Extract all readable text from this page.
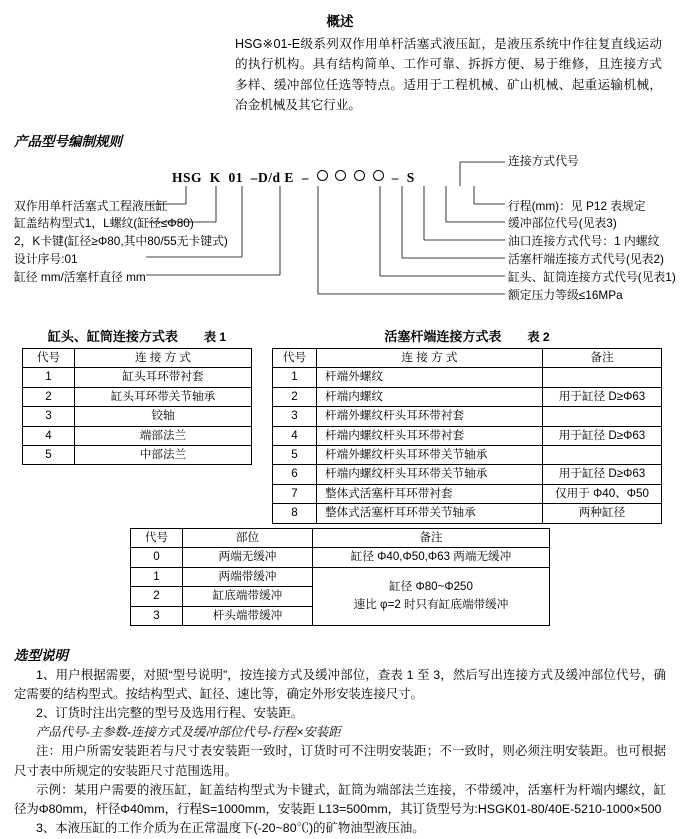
概述

HSG※01-E级系列双作用单杆活塞式液压缸，是液压系统中作往复直线运动的执行机构。具有结构简单、工作可靠、拆拆方便、易于维修，且连接方式多样、缓冲部位任选等特点。适用于工程机械、矿山机械、起重运输机械，冶金机械及其它行业。

产品型号编制规则
HSG K 01 –D/d E –	– S
连接方式代号
双作用单杆活塞式工程液压缸
缸盖结构型式1，L螺纹(缸径≤Φ80)
2，K卡键(缸径≥Φ80,其中80/55无卡键式)
设计序号:01
缸径 mm/活塞杆直径 mm
行程(mm)：见 P12 表规定
缓冲部位代号(见表3)
油口连接方式代号：1 内螺纹
活塞杆端连接方式代号(见表2)
缸头、缸筒连接方式代号(见表1)
额定压力等级≤16MPa
缸头、缸筒连接方式表 表 1	活塞杆端连接方式表 表 2
代号	连 接 方 式
1	缸头耳环带衬套
2	缸头耳环带关节轴承
3	铰轴
4	端部法兰
5	中部法兰
代号	连 接 方 式	备注
1	杆端外螺纹	
2	杆端内螺纹	用于缸径 D≥Φ63
3	杆端外螺纹杆头耳环带衬套	
4	杆端内螺纹杆头耳环带衬套	用于缸径 D≥Φ63
5	杆端外螺纹杆头耳环带关节轴承	
6	杆端内螺纹杆头耳环带关节轴承	用于缸径 D≥Φ63
7	整体式活塞杆耳环带衬套	仅用于 Φ40、Φ50
8	整体式活塞杆耳环带关节轴承	两种缸径
代号	部位	备注
0	两端无缓冲	缸径 Φ40,Φ50,Φ63 两端无缓冲
1	两端带缓冲	缸径 Φ80~Φ250
速比 φ=2 时只有缸底端带缓冲

2	缸底端带缓冲	
3	杆头端带缓冲	
选型说明

1、用户根据需要，对照“型号说明”，按连接方式及缓冲部位，查表 1 至 3，然后写出连接方式及缓冲部位代号，确定需要的结构型式。按结构型式、缸径、速比等，确定外形安装连接尺寸。

2、订货时注出完整的型号及选用行程、安装距。

产品代号-主参数-连接方式及缓冲部位代号-行程×安装距

注：用户所需安装距若与尺寸表安装距一致时，订货时可不注明安装距；不一致时，则必须注明安装距。也可根据尺寸表中所规定的安装距尺寸范围选用。

示例：某用户需要的液压缸，缸盖结构型式为卡键式，缸筒为端部法兰连接，不带缓冲，活塞杆为杆端内螺纹，缸径为Φ80mm，杆径Φ40mm，行程S=1000mm，安装距 L13=500mm，其订货型号为:HSGK01-80/40E-5210-1000×500

3、本液压缸的工作介质为在正常温度下(-20~80℃)的矿物油型液压油。
